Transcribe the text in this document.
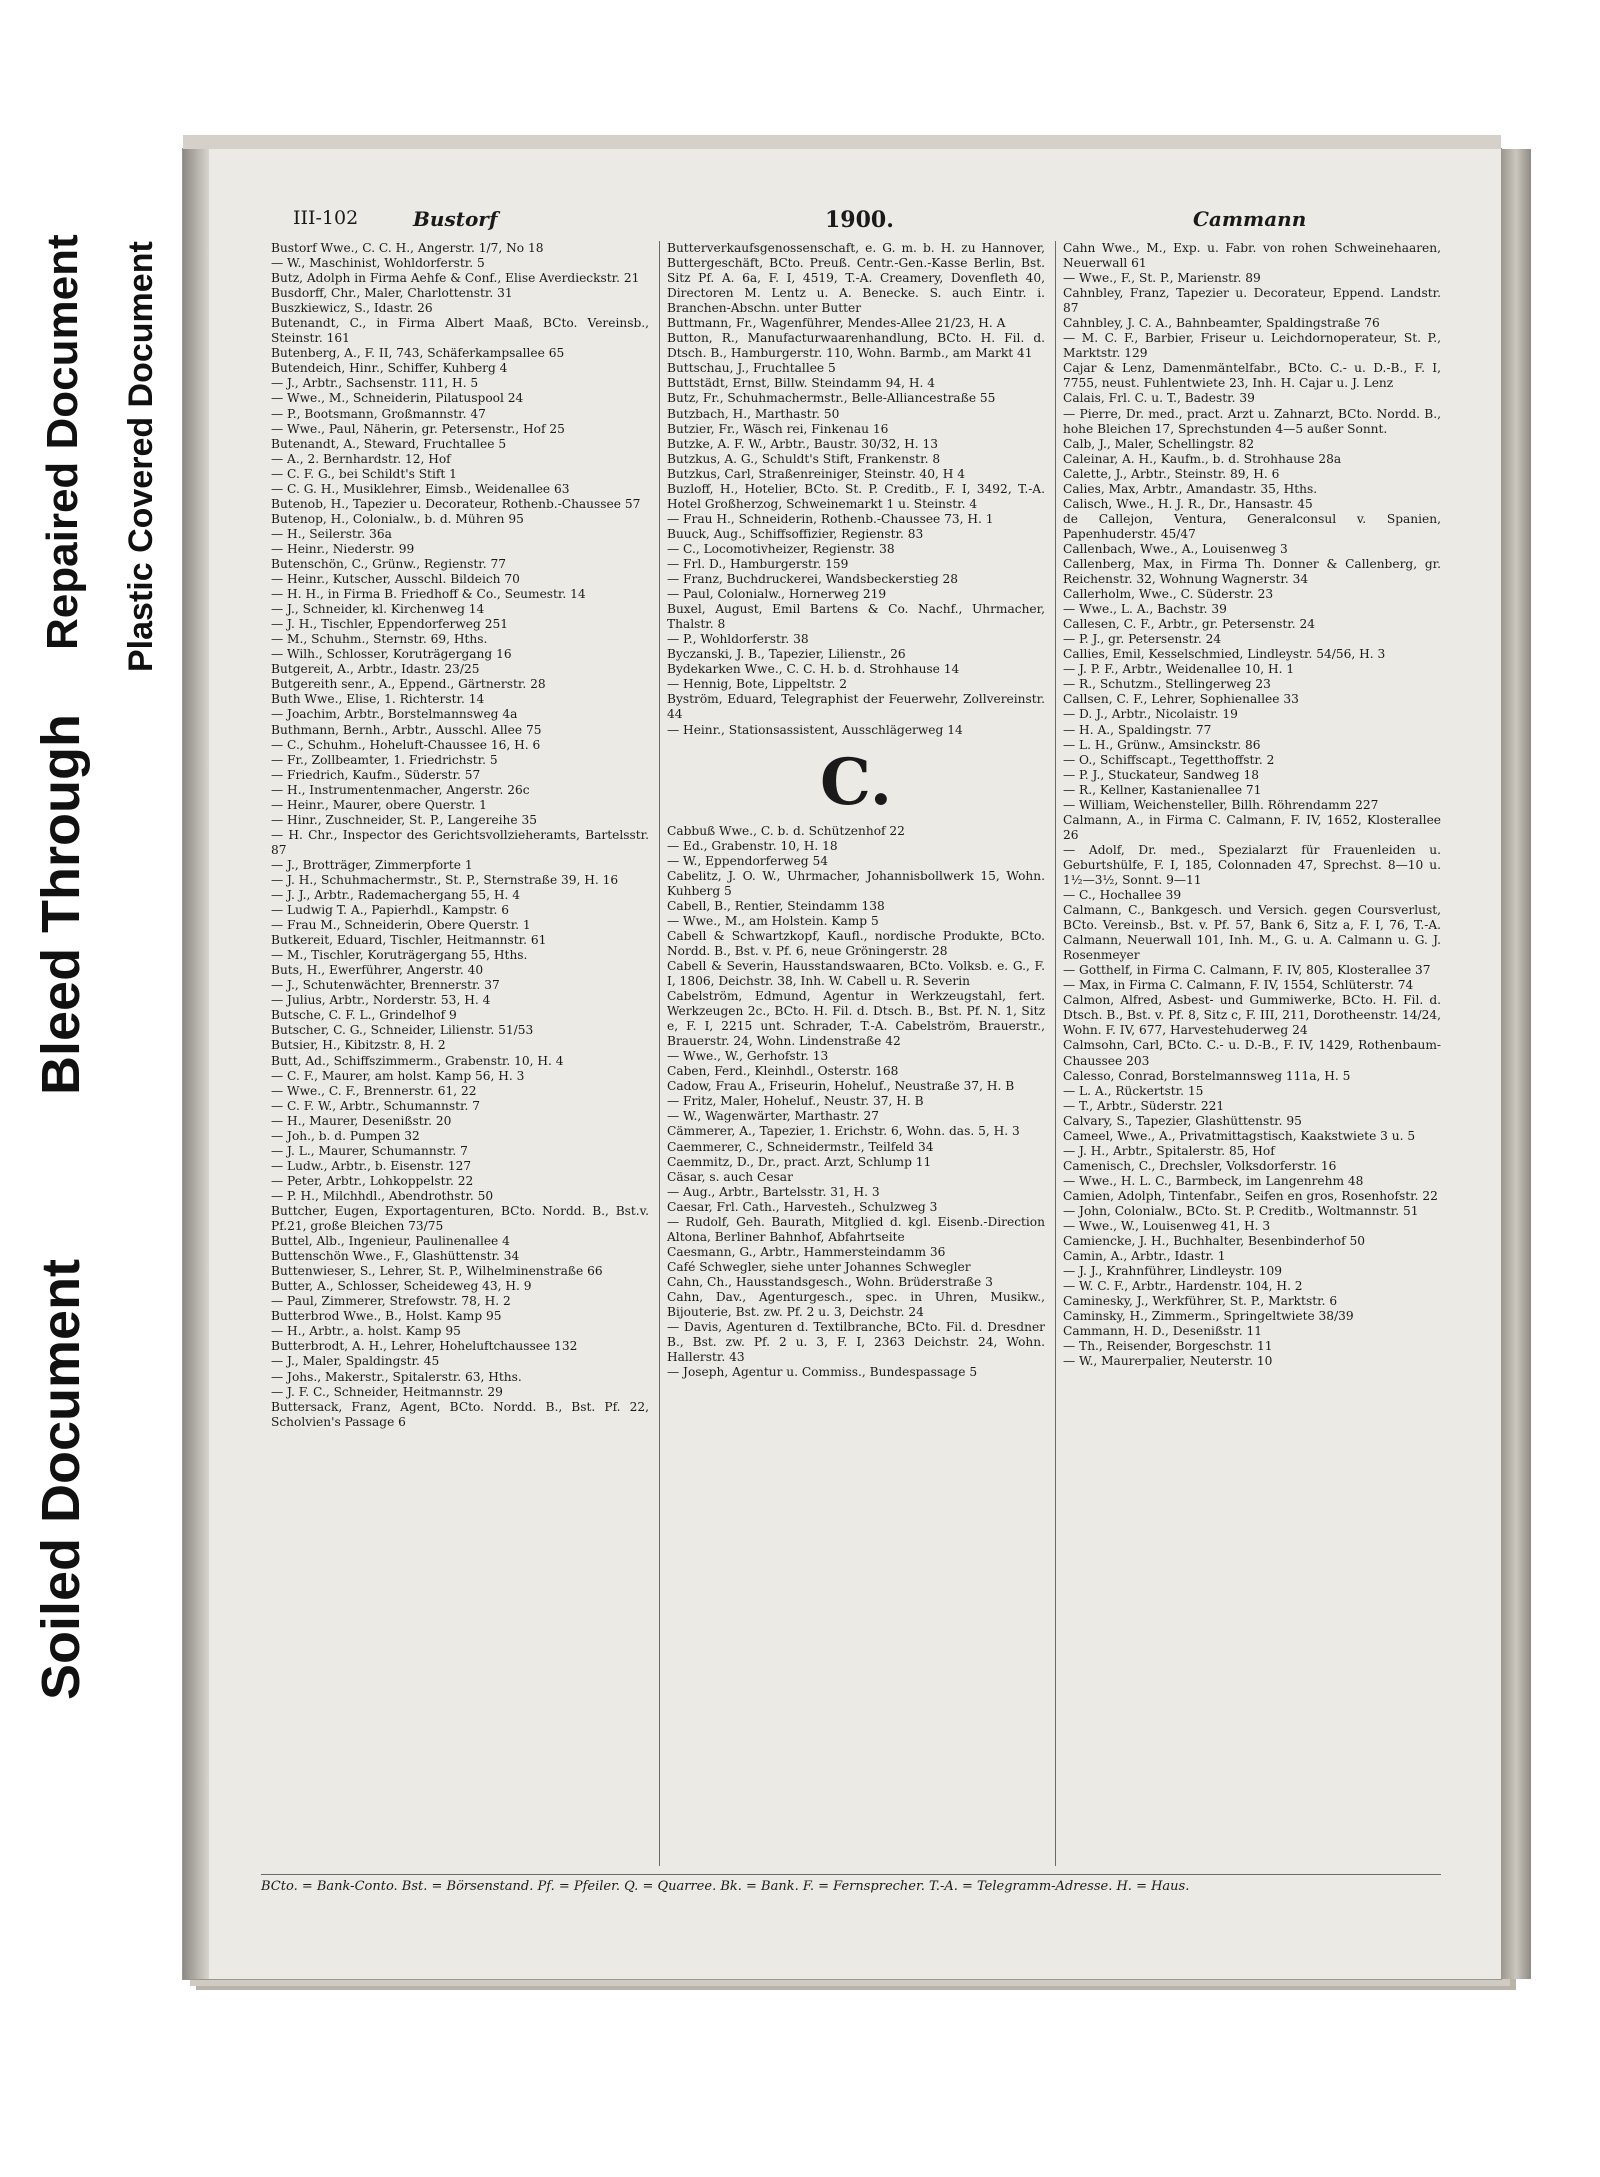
Soiled Document
Bleed Through
Repaired Document Plastic Covered Document
III-102	Bustorf	1900.	Cammann
Bustorf Wwe., C. C. H., Angerstr. 1/7, No 18
— W., Maschinist, Wohldorferstr. 5
Butz, Adolph in Firma Aehfe & Conf., Elise Averdieckstr. 21
Busdorff, Chr., Maler, Charlottenstr. 31
Buszkiewicz, S., Idastr. 26
Butenandt, C., in Firma Albert Maaß, BCto. Vereinsb., Steinstr. 161
Butenberg, A., F. II, 743, Schäferkampsallee 65
Butendeich, Hinr., Schiffer, Kuhberg 4
— J., Arbtr., Sachsenstr. 111, H. 5
— Wwe., M., Schneiderin, Pilatuspool 24
— P., Bootsmann, Großmannstr. 47
— Wwe., Paul, Näherin, gr. Petersenstr., Hof 25
Butenandt, A., Steward, Fruchtallee 5
— A., 2. Bernhardstr. 12, Hof
— C. F. G., bei Schildt's Stift 1
— C. G. H., Musiklehrer, Eimsb., Weidenallee 63
Butenob, H., Tapezier u. Decorateur, Rothenb.-Chaussee 57
Butenop, H., Colonialw., b. d. Mühren 95
— H., Seilerstr. 36a
— Heinr., Niederstr. 99
Butenschön, C., Grünw., Regienstr. 77
— Heinr., Kutscher, Ausschl. Bildeich 70
— H. H., in Firma B. Friedhoff & Co., Seumestr. 14
— J., Schneider, kl. Kirchenweg 14
— J. H., Tischler, Eppendorferweg 251
— M., Schuhm., Sternstr. 69, Hths.
— Wilh., Schlosser, Koruträgergang 16
Butgereit, A., Arbtr., Idastr. 23/25
Butgereith senr., A., Eppend., Gärtnerstr. 28
Buth Wwe., Elise, 1. Richterstr. 14
— Joachim, Arbtr., Borstelmannsweg 4a
Buthmann, Bernh., Arbtr., Ausschl. Allee 75
— C., Schuhm., Hoheluft-Chaussee 16, H. 6
— Fr., Zollbeamter, 1. Friedrichstr. 5
— Friedrich, Kaufm., Süderstr. 57
— H., Instrumentenmacher, Angerstr. 26c
— Heinr., Maurer, obere Querstr. 1
— Hinr., Zuschneider, St. P., Langereihe 35
— H. Chr., Inspector des Gerichtsvollzieheramts, Bartelsstr. 87
— J., Brotträger, Zimmerpforte 1
— J. H., Schuhmachermstr., St. P., Sternstraße 39, H. 16
— J. J., Arbtr., Rademachergang 55, H. 4
— Ludwig T. A., Papierhdl., Kampstr. 6
— Frau M., Schneiderin, Obere Querstr. 1
Butkereit, Eduard, Tischler, Heitmannstr. 61
— M., Tischler, Koruträgergang 55, Hths.
Buts, H., Ewerführer, Angerstr. 40
— J., Schutenwächter, Brennerstr. 37
— Julius, Arbtr., Norderstr. 53, H. 4
Butsche, C. F. L., Grindelhof 9
Butscher, C. G., Schneider, Lilienstr. 51/53
Butsier, H., Kibitzstr. 8, H. 2
Butt, Ad., Schiffszimmerm., Grabenstr. 10, H. 4
— C. F., Maurer, am holst. Kamp 56, H. 3
— Wwe., C. F., Brennerstr. 61, 22
— C. F. W., Arbtr., Schumannstr. 7
— H., Maurer, Desenißstr. 20
— Joh., b. d. Pumpen 32
— J. L., Maurer, Schumannstr. 7
— Ludw., Arbtr., b. Eisenstr. 127
— Peter, Arbtr., Lohkoppelstr. 22
— P. H., Milchhdl., Abendrothstr. 50
Buttcher, Eugen, Exportagenturen, BCto. Nordd. B., Bst.v. Pf.21, große Bleichen 73/75
Buttel, Alb., Ingenieur, Paulinenallee 4
Buttenschön Wwe., F., Glashüttenstr. 34
Buttenwieser, S., Lehrer, St. P., Wilhelminenstraße 66
Butter, A., Schlosser, Scheideweg 43, H. 9
— Paul, Zimmerer, Strefowstr. 78, H. 2
Butterbrod Wwe., B., Holst. Kamp 95
— H., Arbtr., a. holst. Kamp 95
Butterbrodt, A. H., Lehrer, Hoheluftchaussee 132
— J., Maler, Spaldingstr. 45
— Johs., Makerstr., Spitalerstr. 63, Hths.
— J. F. C., Schneider, Heitmannstr. 29
Buttersack, Franz, Agent, BCto. Nordd. B., Bst. Pf. 22, Scholvien's Passage 6
Butterverkaufsgenossenschaft, e. G. m. b. H. zu Hannover, Buttergeschäft, BCto. Preuß. Centr.-Gen.-Kasse Berlin, Bst. Sitz Pf. A. 6a, F. I, 4519, T.-A. Creamery, Dovenfleth 40, Directoren M. Lentz u. A. Benecke. S. auch Eintr. i. Branchen-Abschn. unter Butter
Buttmann, Fr., Wagenführer, Mendes-Allee 21/23, H. A
Button, R., Manufacturwaarenhandlung, BCto. H. Fil. d. Dtsch. B., Hamburgerstr. 110, Wohn. Barmb., am Markt 41
Buttschau, J., Fruchtallee 5
Buttstädt, Ernst, Billw. Steindamm 94, H. 4
Butz, Fr., Schuhmachermstr., Belle-Alliancestraße 55
Butzbach, H., Marthastr. 50
Butzier, Fr., Wäsch rei, Finkenau 16
Butzke, A. F. W., Arbtr., Baustr. 30/32, H. 13
Butzkus, A. G., Schuldt's Stift, Frankenstr. 8
Butzkus, Carl, Straßenreiniger, Steinstr. 40, H 4
Buzloff, H., Hotelier, BCto. St. P. Creditb., F. I, 3492, T.-A. Hotel Großherzog, Schweinemarkt 1 u. Steinstr. 4
— Frau H., Schneiderin, Rothenb.-Chaussee 73, H. 1
Buuck, Aug., Schiffsoffizier, Regienstr. 83
— C., Locomotivheizer, Regienstr. 38
— Frl. D., Hamburgerstr. 159
— Franz, Buchdruckerei, Wandsbeckerstieg 28
— Paul, Colonialw., Hornerweg 219
Buxel, August, Emil Bartens & Co. Nachf., Uhrmacher, Thalstr. 8
— P., Wohldorferstr. 38
Byczanski, J. B., Tapezier, Lilienstr., 26
Bydekarken Wwe., C. C. H. b. d. Strohhause 14
— Hennig, Bote, Lippeltstr. 2
Byström, Eduard, Telegraphist der Feuerwehr, Zollvereinstr. 44
— Heinr., Stationsassistent, Ausschlägerweg 14
C.
Cabbuß Wwe., C. b. d. Schützenhof 22
— Ed., Grabenstr. 10, H. 18
— W., Eppendorferweg 54
Cabelitz, J. O. W., Uhrmacher, Johannisbollwerk 15, Wohn. Kuhberg 5
Cabell, B., Rentier, Steindamm 138
— Wwe., M., am Holstein. Kamp 5
Cabell & Schwartzkopf, Kaufl., nordische Produkte, BCto. Nordd. B., Bst. v. Pf. 6, neue Gröningerstr. 28
Cabell & Severin, Hausstandswaaren, BCto. Volksb. e. G., F. I, 1806, Deichstr. 38, Inh. W. Cabell u. R. Severin
Cabelström, Edmund, Agentur in Werkzeugstahl, fert. Werkzeugen 2c., BCto. H. Fil. d. Dtsch. B., Bst. Pf. N. 1, Sitz e, F. I, 2215 unt. Schrader, T.-A. Cabelström, Brauerstr., Brauerstr. 24, Wohn. Lindenstraße 42
— Wwe., W., Gerhofstr. 13
Caben, Ferd., Kleinhdl., Osterstr. 168
Cadow, Frau A., Friseurin, Hoheluf., Neustraße 37, H. B
— Fritz, Maler, Hoheluf., Neustr. 37, H. B
— W., Wagenwärter, Marthastr. 27
Cämmerer, A., Tapezier, 1. Erichstr. 6, Wohn. das. 5, H. 3
Caemmerer, C., Schneidermstr., Teilfeld 34
Caemmitz, D., Dr., pract. Arzt, Schlump 11
Cäsar, s. auch Cesar
— Aug., Arbtr., Bartelsstr. 31, H. 3
Caesar, Frl. Cath., Harvesteh., Schulzweg 3
— Rudolf, Geh. Baurath, Mitglied d. kgl. Eisenb.-Direction Altona, Berliner Bahnhof, Abfahrtseite
Caesmann, G., Arbtr., Hammersteindamm 36
Café Schwegler, siehe unter Johannes Schwegler
Cahn, Ch., Hausstandsgesch., Wohn. Brüderstraße 3
Cahn, Dav., Agenturgesch., spec. in Uhren, Musikw., Bijouterie, Bst. zw. Pf. 2 u. 3, Deichstr. 24
— Davis, Agenturen d. Textilbranche, BCto. Fil. d. Dresdner B., Bst. zw. Pf. 2 u. 3, F. I, 2363 Deichstr. 24, Wohn. Hallerstr. 43
— Joseph, Agentur u. Commiss., Bundespassage 5
Cahn Wwe., M., Exp. u. Fabr. von rohen Schweinehaaren, Neuerwall 61
— Wwe., F., St. P., Marienstr. 89
Cahnbley, Franz, Tapezier u. Decorateur, Eppend. Landstr. 87
Cahnbley, J. C. A., Bahnbeamter, Spaldingstraße 76
— M. C. F., Barbier, Friseur u. Leichdornoperateur, St. P., Marktstr. 129
Cajar & Lenz, Damenmäntelfabr., BCto. C.- u. D.-B., F. I, 7755, neust. Fuhlentwiete 23, Inh. H. Cajar u. J. Lenz
Calais, Frl. C. u. T., Badestr. 39
— Pierre, Dr. med., pract. Arzt u. Zahnarzt, BCto. Nordd. B., hohe Bleichen 17, Sprechstunden 4—5 außer Sonnt.
Calb, J., Maler, Schellingstr. 82
Caleinar, A. H., Kaufm., b. d. Strohhause 28a
Calette, J., Arbtr., Steinstr. 89, H. 6
Calies, Max, Arbtr., Amandastr. 35, Hths.
Calisch, Wwe., H. J. R., Dr., Hansastr. 45
de Callejon, Ventura, Generalconsul v. Spanien, Papenhuderstr. 45/47
Callenbach, Wwe., A., Louisenweg 3
Callenberg, Max, in Firma Th. Donner & Callenberg, gr. Reichenstr. 32, Wohnung Wagnerstr. 34
Callerholm, Wwe., C. Süderstr. 23
— Wwe., L. A., Bachstr. 39
Callesen, C. F., Arbtr., gr. Petersenstr. 24
— P. J., gr. Petersenstr. 24
Callies, Emil, Kesselschmied, Lindleystr. 54/56, H. 3
— J. P. F., Arbtr., Weidenallee 10, H. 1
— R., Schutzm., Stellingerweg 23
Callsen, C. F., Lehrer, Sophienallee 33
— D. J., Arbtr., Nicolaistr. 19
— H. A., Spaldingstr. 77
— L. H., Grünw., Amsinckstr. 86
— O., Schiffscapt., Tegetthoffstr. 2
— P. J., Stuckateur, Sandweg 18
— R., Kellner, Kastanienallee 71
— William, Weichensteller, Billh. Röhrendamm 227
Calmann, A., in Firma C. Calmann, F. IV, 1652, Klosterallee 26
— Adolf, Dr. med., Spezialarzt für Frauenleiden u. Geburtshülfe, F. I, 185, Colonnaden 47, Sprechst. 8—10 u. 1½—3½, Sonnt. 9—11
— C., Hochallee 39
Calmann, C., Bankgesch. und Versich. gegen Coursverlust, BCto. Vereinsb., Bst. v. Pf. 57, Bank 6, Sitz a, F. I, 76, T.-A. Calmann, Neuerwall 101, Inh. M., G. u. A. Calmann u. G. J. Rosenmeyer
— Gotthelf, in Firma C. Calmann, F. IV, 805, Klosterallee 37
— Max, in Firma C. Calmann, F. IV, 1554, Schlüterstr. 74
Calmon, Alfred, Asbest- und Gummiwerke, BCto. H. Fil. d. Dtsch. B., Bst. v. Pf. 8, Sitz c, F. III, 211, Dorotheenstr. 14/24, Wohn. F. IV, 677, Harvestehuderweg 24
Calmsohn, Carl, BCto. C.- u. D.-B., F. IV, 1429, Rothenbaum-Chaussee 203
Calesso, Conrad, Borstelmannsweg 111a, H. 5
— L. A., Rückertstr. 15
— T., Arbtr., Süderstr. 221
Calvary, S., Tapezier, Glashüttenstr. 95
Cameel, Wwe., A., Privatmittagstisch, Kaakstwiete 3 u. 5
— J. H., Arbtr., Spitalerstr. 85, Hof
Camenisch, C., Drechsler, Volksdorferstr. 16
— Wwe., H. L. C., Barmbeck, im Langenrehm 48
Camien, Adolph, Tintenfabr., Seifen en gros, Rosenhofstr. 22
— John, Colonialw., BCto. St. P. Creditb., Woltmannstr. 51
— Wwe., W., Louisenweg 41, H. 3
Camiencke, J. H., Buchhalter, Besenbinderhof 50
Camin, A., Arbtr., Idastr. 1
— J. J., Krahnführer, Lindleystr. 109
— W. C. F., Arbtr., Hardenstr. 104, H. 2
Caminesky, J., Werkführer, St. P., Marktstr. 6
Caminsky, H., Zimmerm., Springeltwiete 38/39
Cammann, H. D., Desenißstr. 11
— Th., Reisender, Borgeschstr. 11
— W., Maurerpalier, Neuterstr. 10
BCto. = Bank-Conto. Bst. = Börsenstand. Pf. = Pfeiler. Q. = Quarree. Bk. = Bank. F. = Fernsprecher. T.-A. = Telegramm-Adresse. H. = Haus.
